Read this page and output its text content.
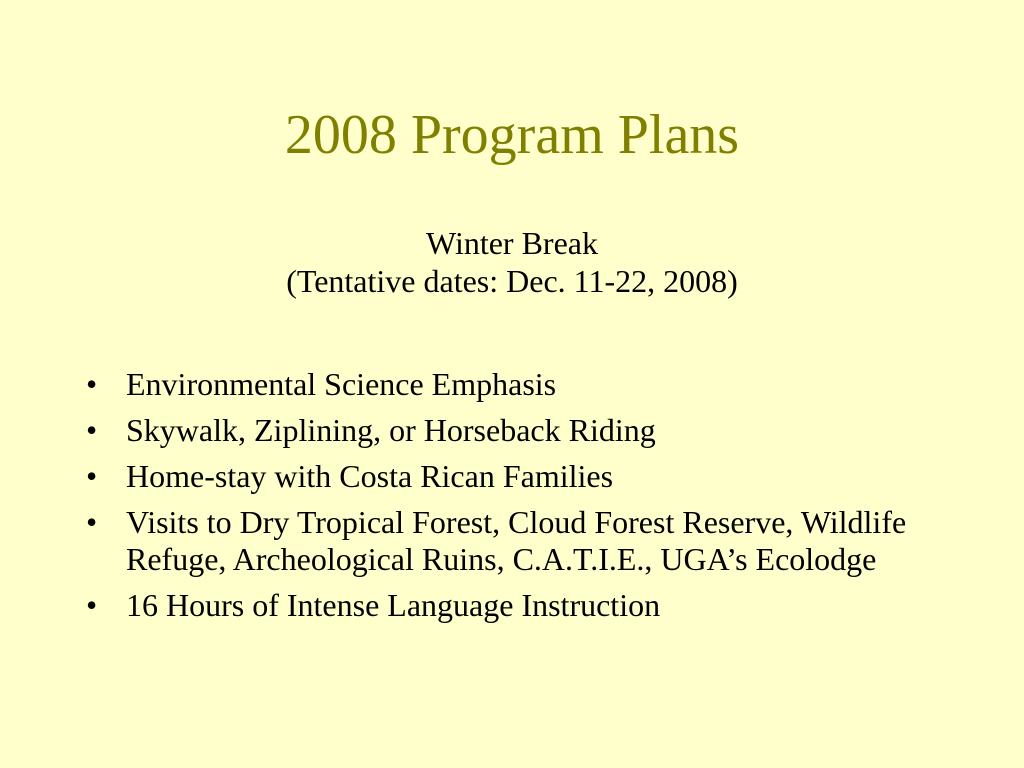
2008 Program Plans
Winter Break
(Tentative dates: Dec. 11-22, 2008)
• Environmental Science Emphasis
• Skywalk, Ziplining, or Horseback Riding
• Home-stay with Costa Rican Families
• Visits to Dry Tropical Forest, Cloud Forest Reserve, Wildlife Refuge, Archeological Ruins, C.A.T.I.E., UGA’s Ecolodge
• 16 Hours of Intense Language Instruction
